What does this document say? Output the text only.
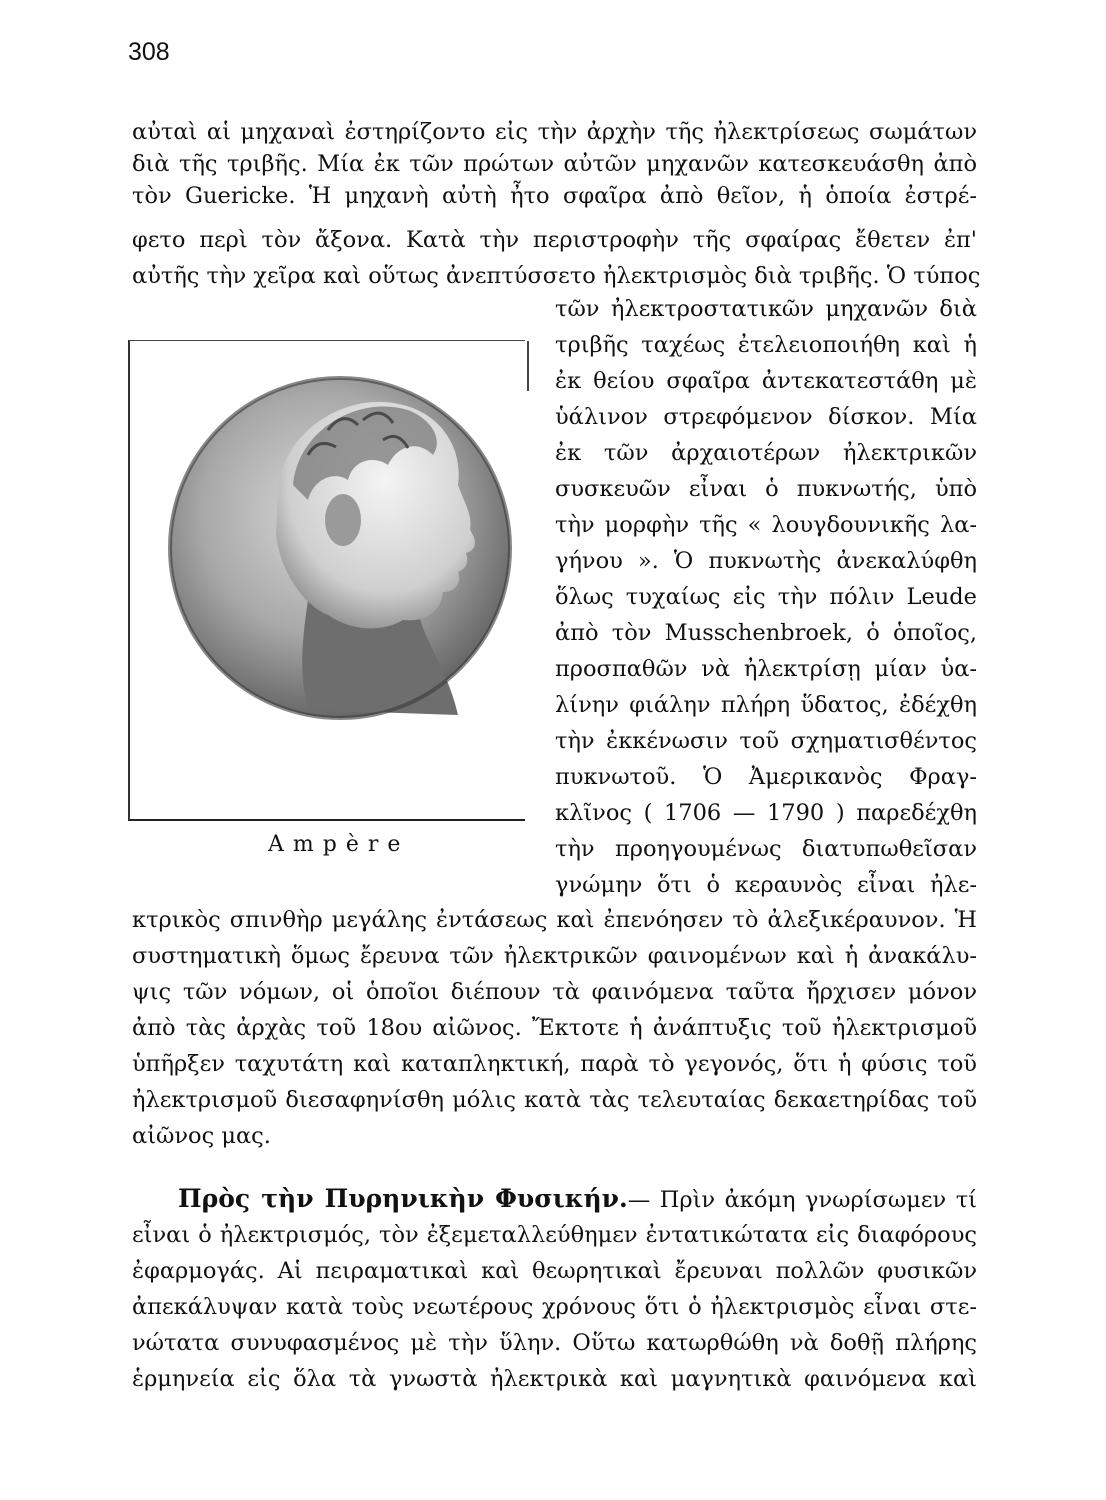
308
αὐταὶ αἱ μηχαναὶ ἐστηρίζοντο εἰς τὴν ἀρχὴν τῆς ἠλεκτρίσεως σωμάτων
διὰ τῆς τριβῆς. Μία ἐκ τῶν πρώτων αὐτῶν μηχανῶν κατεσκευάσθη ἀπὸ
τὸν Guericke. Ἡ μηχανὴ αὐτὴ ἦτο σφαῖρα ἀπὸ θεῖον, ἡ ὁποία ἐστρέ-
φετο περὶ τὸν ἄξονα. Κατὰ τὴν περιστροφὴν τῆς σφαίρας ἔθετεν ἐπ'
αὐτῆς τὴν χεῖρα καὶ οὕτως ἀνεπτύσσετο ἠλεκτρισμὸς διὰ τριβῆς. Ὁ τύπος
Ampère
τῶν ἠλεκτροστατικῶν μηχανῶν διὰ
τριβῆς ταχέως ἐτελειοποιήθη καὶ ἡ
ἐκ θείου σφαῖρα ἀντεκατεστάθη μὲ
ὑάλινον στρεφόμενον δίσκον. Μία
ἐκ τῶν ἀρχαιοτέρων ἠλεκτρικῶν
συσκευῶν εἶναι ὁ πυκνωτής, ὑπὸ
τὴν μορφὴν τῆς « λουγδουνικῆς λα-
γήνου ». Ὁ πυκνωτὴς ἀνεκαλύφθη
ὅλως τυχαίως εἰς τὴν πόλιν Leude
ἀπὸ τὸν Musschenbroek, ὁ ὁποῖος,
προσπαθῶν νὰ ἠλεκτρίσῃ μίαν ὑα-
λίνην φιάλην πλήρη ὕδατος, ἐδέχθη
τὴν ἐκκένωσιν τοῦ σχηματισθέντος
πυκνωτοῦ. Ὁ Ἀμερικανὸς Φραγ-
κλῖνος ( 1706 — 1790 ) παρεδέχθη
τὴν προηγουμένως διατυπωθεῖσαν
γνώμην ὅτι ὁ κεραυνὸς εἶναι ἠλε-
κτρικὸς σπινθὴρ μεγάλης ἐντάσεως καὶ ἐπενόησεν τὸ ἀλεξικέραυνον. Ἡ
συστηματικὴ ὅμως ἔρευνα τῶν ἠλεκτρικῶν φαινομένων καὶ ἡ ἀνακάλυ-
ψις τῶν νόμων, οἱ ὁποῖοι διέπουν τὰ φαινόμενα ταῦτα ἤρχισεν μόνον
ἀπὸ τὰς ἀρχὰς τοῦ 18ου αἰῶνος. Ἔκτοτε ἡ ἀνάπτυξις τοῦ ἠλεκτρισμοῦ
ὑπῆρξεν ταχυτάτη καὶ καταπληκτική, παρὰ τὸ γεγονός, ὅτι ἡ φύσις τοῦ
ἠλεκτρισμοῦ διεσαφηνίσθη μόλις κατὰ τὰς τελευταίας δεκαετηρίδας τοῦ
αἰῶνος μας.
Πρὸς τὴν Πυρηνικὴν Φυσικήν.— Πρὶν ἀκόμη γνωρίσωμεν τί
εἶναι ὁ ἠλεκτρισμός, τὸν ἐξεμεταλλεύθημεν ἐντατικώτατα εἰς διαφόρους
ἐφαρμογάς. Αἱ πειραματικαὶ καὶ θεωρητικαὶ ἔρευναι πολλῶν φυσικῶν
ἀπεκάλυψαν κατὰ τοὺς νεωτέρους χρόνους ὅτι ὁ ἠλεκτρισμὸς εἶναι στε-
νώτατα συνυφασμένος μὲ τὴν ὕλην. Οὕτω κατωρθώθη νὰ δοθῇ πλήρης
ἑρμηνεία εἰς ὅλα τὰ γνωστὰ ἠλεκτρικὰ καὶ μαγνητικὰ φαινόμενα καὶ
